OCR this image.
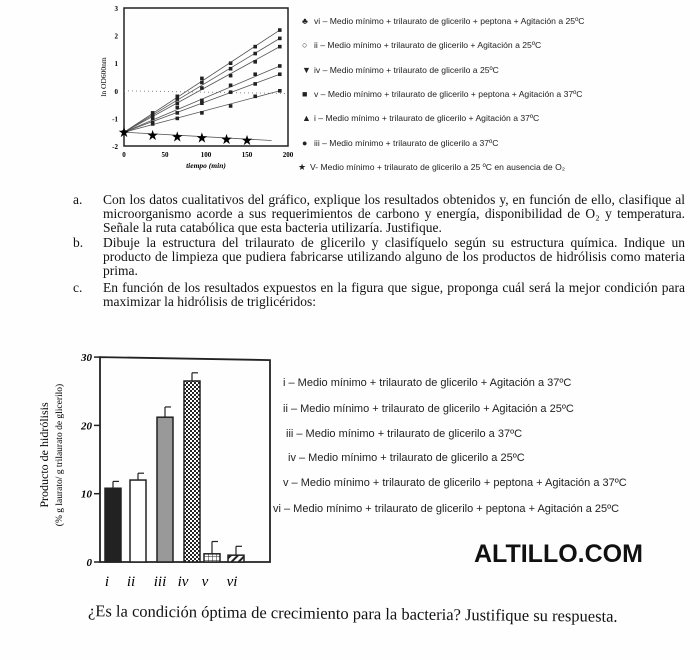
3
2
1
0
-1
-2
0	50	100	150	200
tiempo (min)
ln OD600nm
★ ★ ★ ★ ★ ★
0
10
20
30
Producto de hidrólisis (% g laurato/ g trilaurato de glicerilo)
i ii iii iv v vi
♣ vi – Medio mínimo + trilaurato de glicerilo + peptona + Agitación a 25ºC
○ ii – Medio mínimo + trilaurato de glicerilo + Agitación a 25ºC
▼ iv – Medio mínimo + trilaurato de glicerilo a 25ºC
■ v – Medio mínimo + trilaurato de glicerilo + peptona + Agitación a 37ºC
▲ i – Medio mínimo + trilaurato de glicerilo + Agitación a 37ºC
● iii – Medio mínimo + trilaurato de glicerilo a 37ºC
★ V- Medio mínimo + trilaurato de glicerilo a 25 ºC en ausencia de O₂
a. Con los datos cualitativos del gráfico, explique los resultados obtenidos y, en función de ello, clasifique al microorganismo acorde a sus requerimientos de carbono y energía, disponibilidad de O₂ y temperatura. Señale la ruta catabólica que esta bacteria utilizaría. Justifique.
b. Dibuje la estructura del trilaurato de glicerilo y clasifíquelo según su estructura química. Indique un producto de limpieza que pudiera fabricarse utilizando alguno de los productos de hidrólisis como materia prima.
c. En función de los resultados expuestos en la figura que sigue, proponga cuál será la mejor condición para maximizar la hidrólisis de triglicéridos:
i – Medio mínimo + trilaurato de glicerilo + Agitación a 37ºC
ii – Medio mínimo + trilaurato de glicerilo + Agitación a 25ºC
iii – Medio mínimo + trilaurato de glicerilo a 37ºC
iv – Medio mínimo + trilaurato de glicerilo a 25ºC
v – Medio mínimo + trilaurato de glicerilo + peptona + Agitación a 37ºC
vi – Medio mínimo + trilaurato de glicerilo + peptona + Agitación a 25ºC
ALTILLO.COM
¿Es la condición óptima de crecimiento para la bacteria? Justifique su respuesta.
